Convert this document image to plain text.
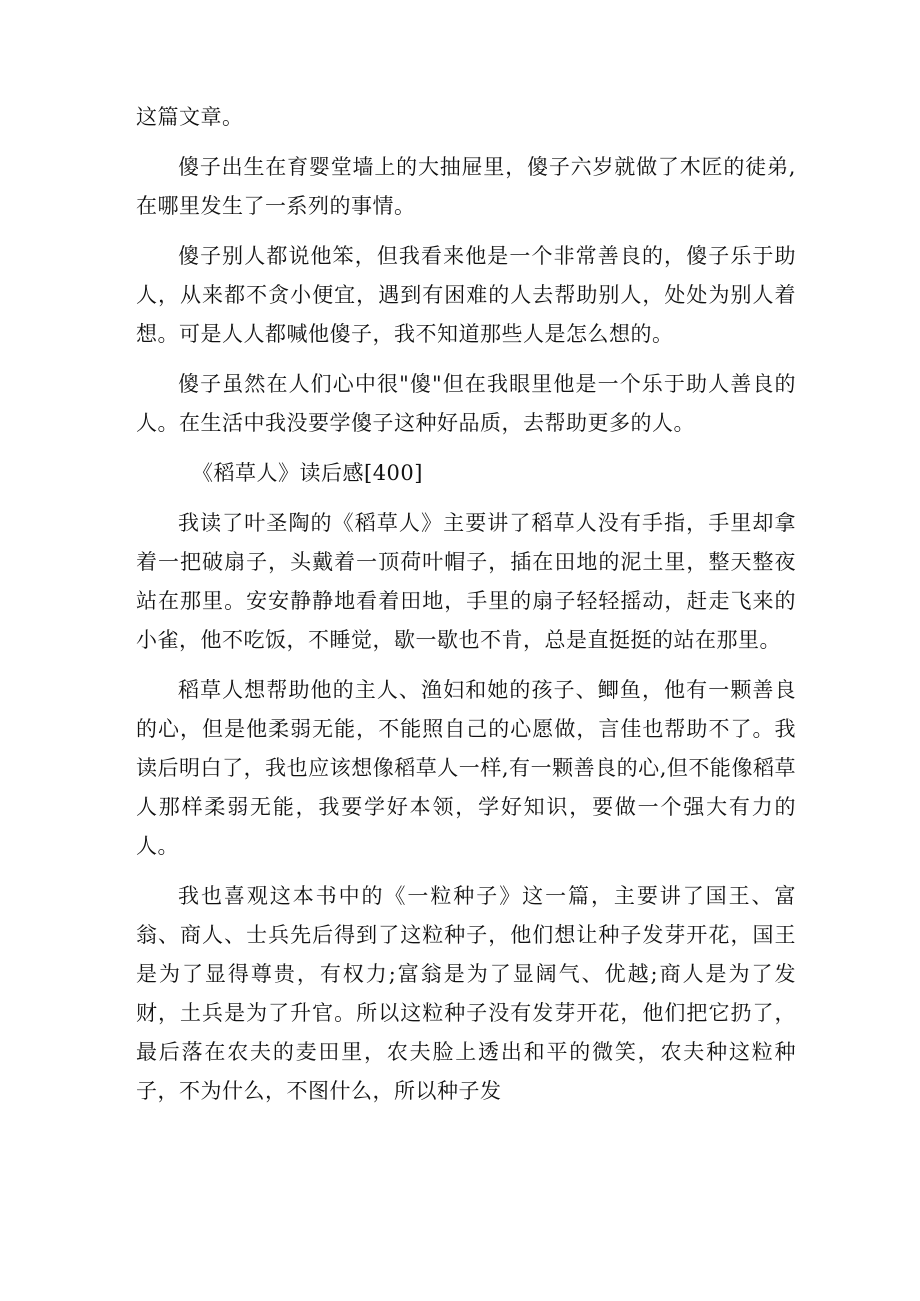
这篇文章。

傻子出生在育婴堂墙上的大抽屉里，傻子六岁就做了木匠的徒弟,在哪里发生了一系列的事情。

傻子别人都说他笨，但我看来他是一个非常善良的，傻子乐于助人，从来都不贪小便宜，遇到有困难的人去帮助别人，处处为别人着想。可是人人都喊他傻子，我不知道那些人是怎么想的。

傻子虽然在人们心中很"傻"但在我眼里他是一个乐于助人善良的人。在生活中我没要学傻子这种好品质，去帮助更多的人。

《稻草人》读后感[400]

我读了叶圣陶的《稻草人》主要讲了稻草人没有手指，手里却拿着一把破扇子，头戴着一顶荷叶帽子，插在田地的泥土里，整天整夜站在那里。安安静静地看着田地，手里的扇子轻轻摇动，赶走飞来的小雀，他不吃饭，不睡觉，歇一歇也不肯，总是直挺挺的站在那里。

稻草人想帮助他的主人、渔妇和她的孩子、鲫鱼，他有一颗善良的心，但是他柔弱无能，不能照自己的心愿做，言佳也帮助不了。我读后明白了，我也应该想像稻草人一样,有一颗善良的心,但不能像稻草人那样柔弱无能，我要学好本领，学好知识，要做一个强大有力的人。

我也喜观这本书中的《一粒种子》这一篇，主要讲了国王、富翁、商人、士兵先后得到了这粒种子，他们想让种子发芽开花，国王是为了显得尊贵，有权力;富翁是为了显阔气、优越;商人是为了发财，土兵是为了升官。所以这粒种子没有发芽开花，他们把它扔了，最后落在农夫的麦田里，农夫脸上透出和平的微笑，农夫种这粒种子，不为什么，不图什么，所以种子发
